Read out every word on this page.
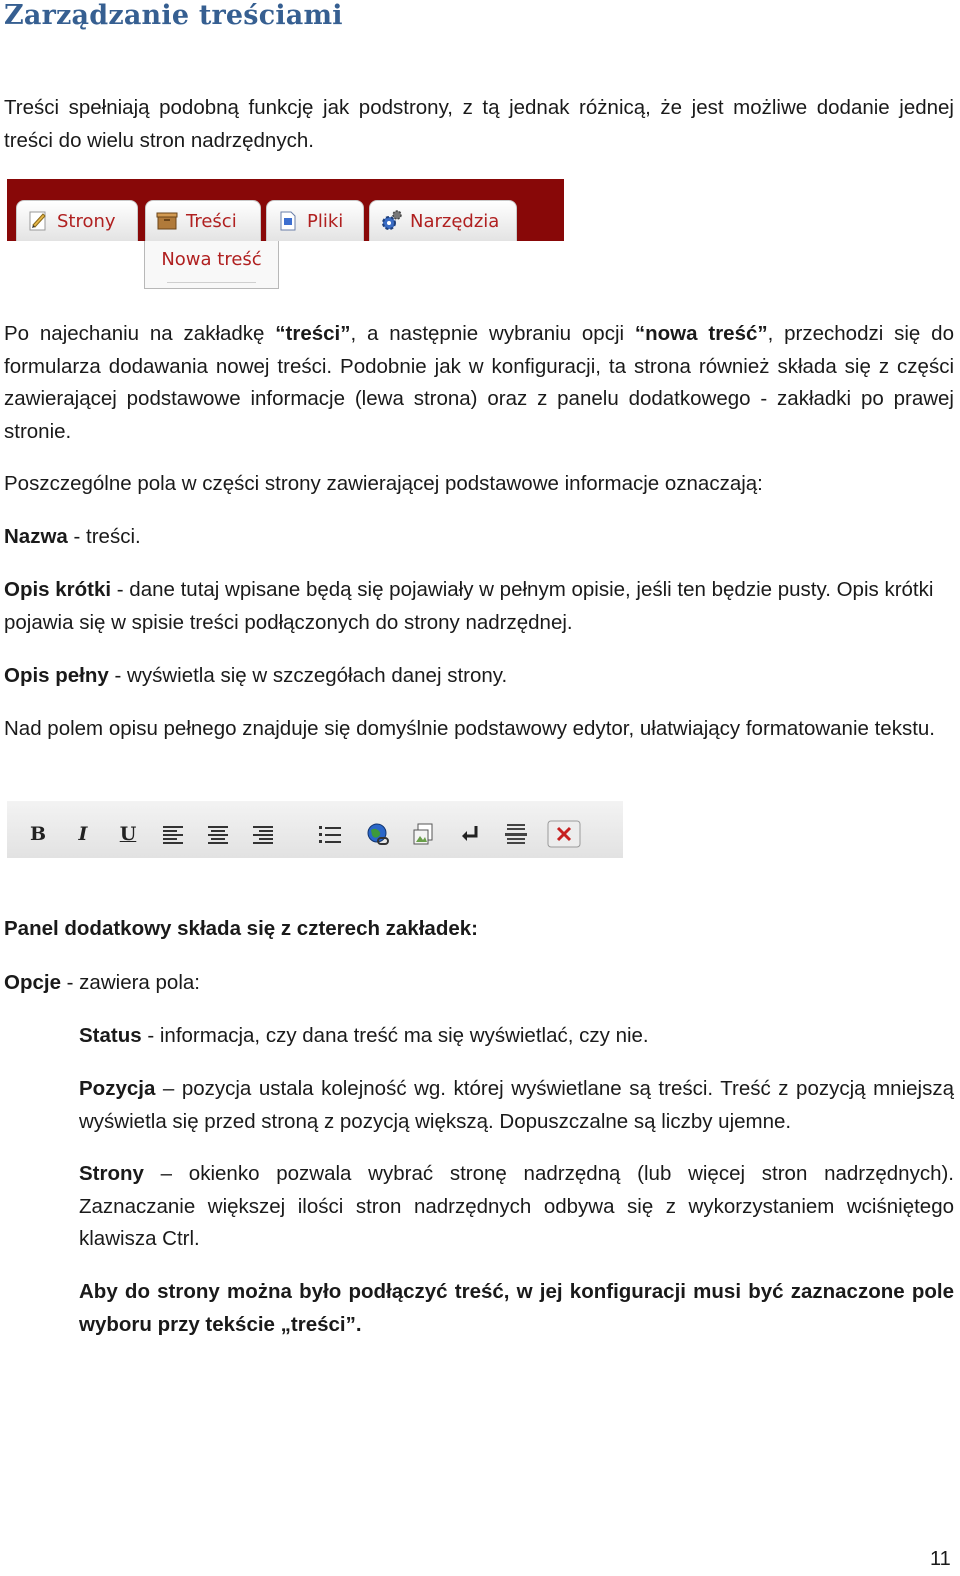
Zarządzanie treściami

Treści spełniają podobną funkcję jak podstrony, z tą jednak różnicą, że jest możliwe dodanie jednej treści do wielu stron nadrzędnych.

Strony	Treści	Pliki	Narzędzia
Nowa treść

Po najechaniu na zakładkę “treści”, a następnie wybraniu opcji “nowa treść”, przechodzi się do formularza dodawania nowej treści. Podobnie jak w konfiguracji, ta strona również składa się z części zawierającej podstawowe informacje (lewa strona) oraz z panelu dodatkowego - zakładki po prawej stronie.

Poszczególne pola w części strony zawierającej podstawowe informacje oznaczają:

Nazwa - treści.

Opis krótki - dane tutaj wpisane będą się pojawiały w pełnym opisie, jeśli ten będzie pusty. Opis krótki pojawia się w spisie treści podłączonych do strony nadrzędnej.

Opis pełny - wyświetla się w szczegółach danej strony.

Nad polem opisu pełnego znajduje się domyślnie podstawowy edytor, ułatwiający formatowanie tekstu.

B I U

Panel dodatkowy składa się z czterech zakładek:

Opcje - zawiera pola:

Status - informacja, czy dana treść ma się wyświetlać, czy nie.

Pozycja – pozycja ustala kolejność wg. której wyświetlane są treści. Treść z pozycją mniejszą wyświetla się przed stroną z pozycją większą. Dopuszczalne są liczby ujemne.

Strony – okienko pozwala wybrać stronę nadrzędną (lub więcej stron nadrzędnych). Zaznaczanie większej ilości stron nadrzędnych odbywa się z wykorzystaniem wciśniętego klawisza Ctrl.

Aby do strony można było podłączyć treść, w jej konfiguracji musi być zaznaczone pole wyboru przy tekście „treści”.

11
